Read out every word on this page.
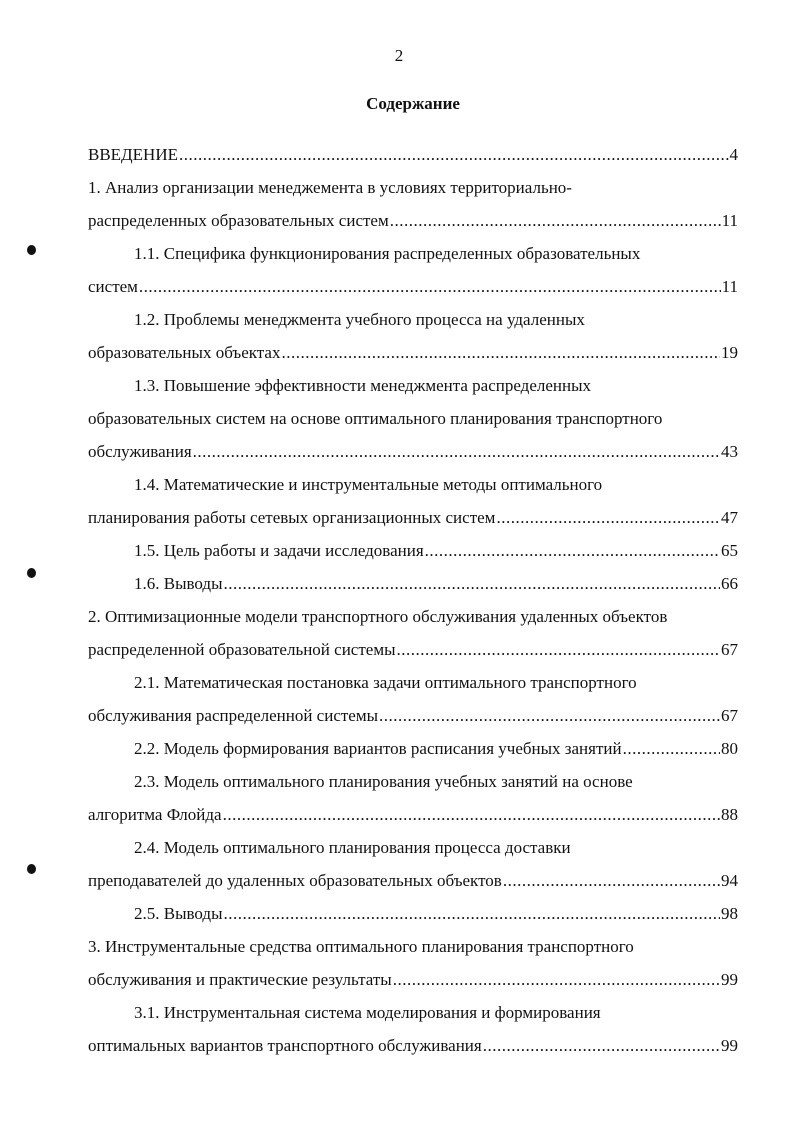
2
Содержание
ВВЕДЕНИЕ .....	4
1. Анализ организации менеджемента в условиях территориально-
распределенных образовательных систем .....	11
1.1. Специфика функционирования распределенных образовательных
систем .....	11
1.2. Проблемы менеджмента учебного процесса на удаленных
образовательных объектах .....	19
1.3. Повышение эффективности менеджмента распределенных
образовательных систем на основе оптимального планирования транспортного
обслуживания .....	43
1.4. Математические и инструментальные методы оптимального
планирования работы сетевых организационных систем .....	47
1.5. Цель работы и задачи исследования .....	65
1.6. Выводы .....	66
2. Оптимизационные модели транспортного обслуживания удаленных объектов
распределенной образовательной системы .....	67
2.1. Математическая постановка задачи оптимального транспортного
обслуживания распределенной системы .....	67
2.2. Модель формирования вариантов расписания учебных занятий .....	80
2.3. Модель оптимального планирования учебных занятий на основе
алгоритма Флойда .....	88
2.4. Модель оптимального планирования процесса доставки
преподавателей до удаленных образовательных объектов .....	94
2.5. Выводы .....	98
3. Инструментальные средства оптимального планирования транспортного
обслуживания и практические результаты .....	99
3.1. Инструментальная система моделирования и формирования
оптимальных вариантов транспортного обслуживания .....	99
